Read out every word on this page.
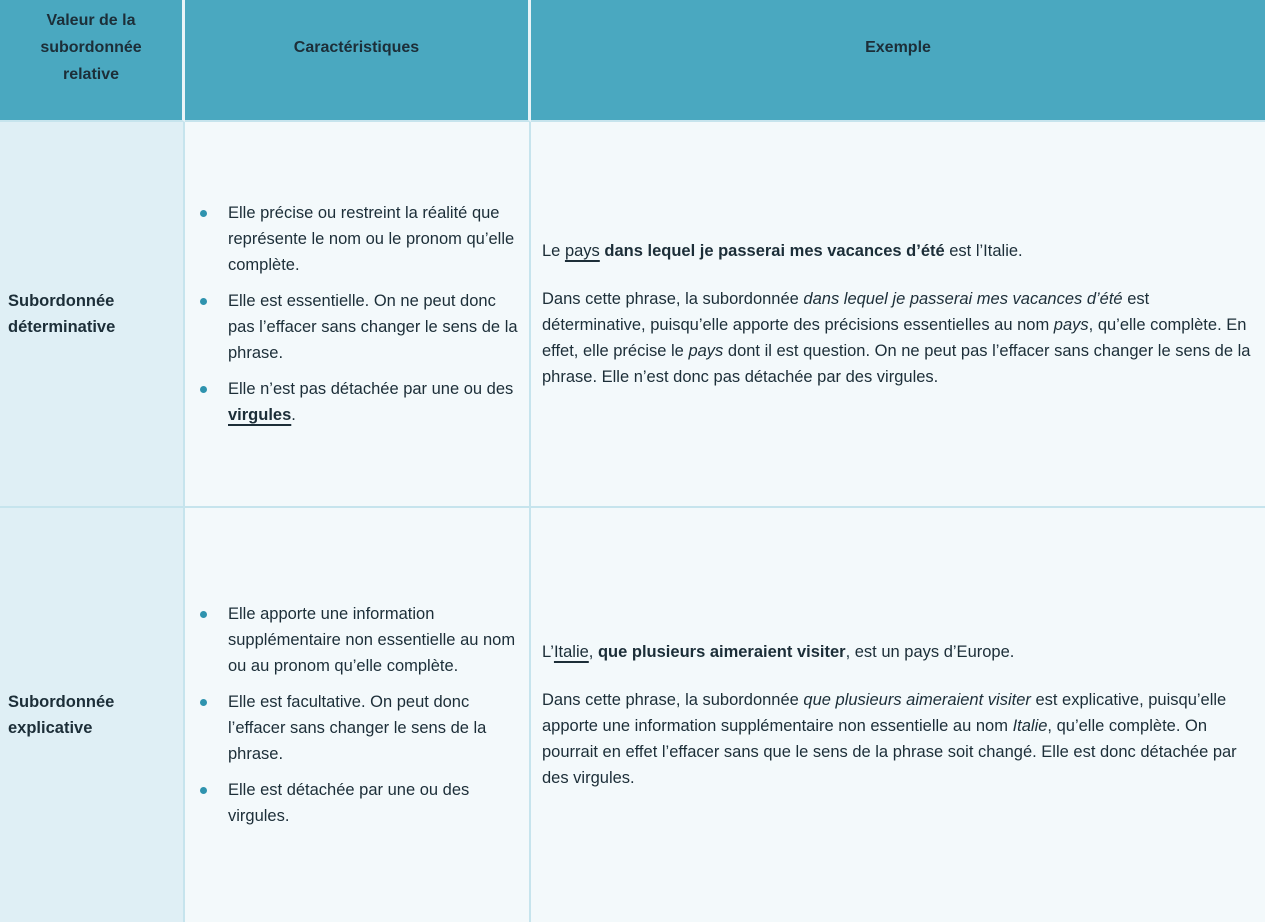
Valeur de la subordonnée relative
Caractéristiques	Exemple
Subordonnée déterminative
Elle précise ou restreint la réalité que représente le nom ou le pronom qu’elle complète.
Elle est essentielle. On ne peut donc pas l’effacer sans changer le sens de la phrase.
Elle n’est pas détachée par une ou des virgules.

Le pays dans lequel je passerai mes vacances d’été est l’Italie.

Dans cette phrase, la subordonnée dans lequel je passerai mes vacances d’été est déterminative, puisqu’elle apporte des précisions essentielles au nom pays, qu’elle complète. En effet, elle précise le pays dont il est question. On ne peut pas l’effacer sans changer le sens de la phrase. Elle n’est donc pas détachée par des virgules.

Subordonnée explicative
Elle apporte une information supplémentaire non essentielle au nom ou au pronom qu’elle complète.
Elle est facultative. On peut donc l’effacer sans changer le sens de la phrase.
Elle est détachée par une ou des virgules.

L’Italie, que plusieurs aimeraient visiter, est un pays d’Europe.

Dans cette phrase, la subordonnée que plusieurs aimeraient visiter est explicative, puisqu’elle apporte une information supplémentaire non essentielle au nom Italie, qu’elle complète. On pourrait en effet l’effacer sans que le sens de la phrase soit changé. Elle est donc détachée par des virgules.
